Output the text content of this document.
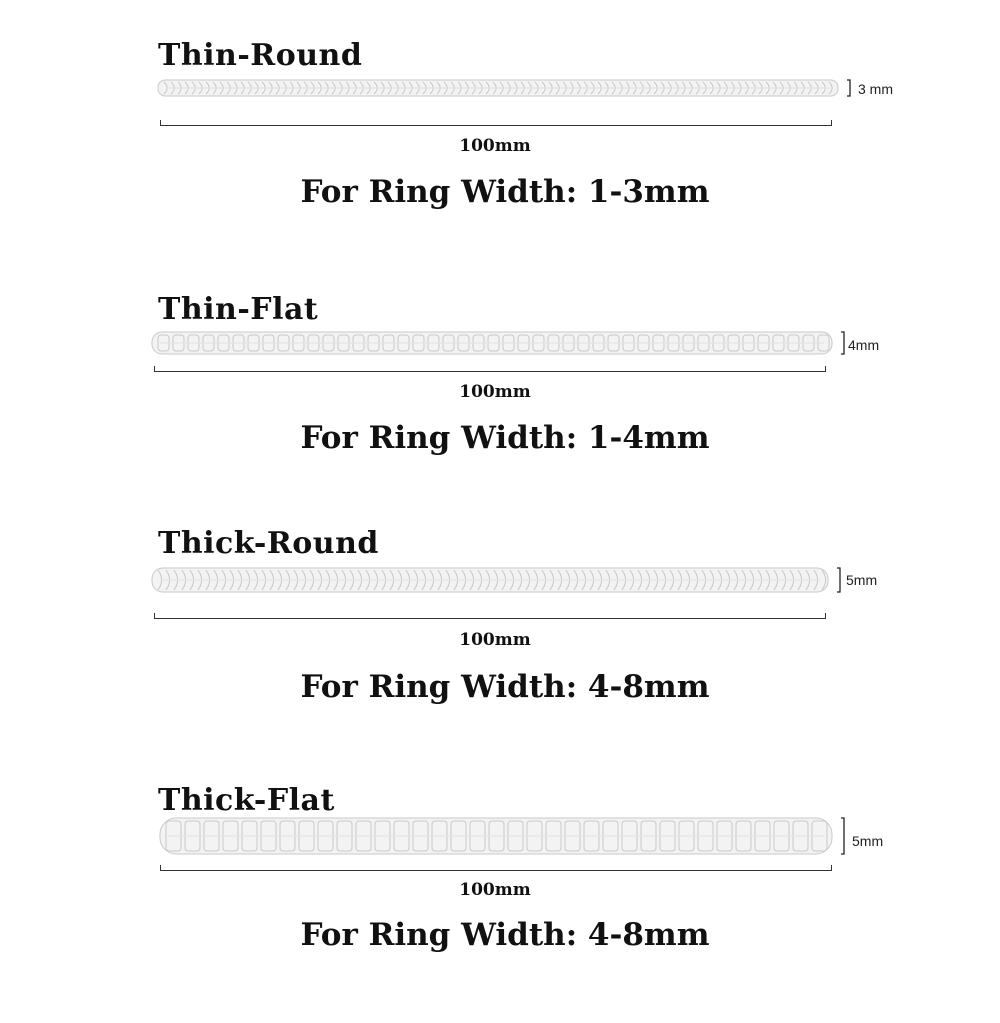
Thin-Round
3 mm
100mm
For Ring Width: 1-3mm
Thin-Flat
4mm
100mm
For Ring Width: 1-4mm
Thick-Round
5mm
100mm
For Ring Width: 4-8mm
Thick-Flat
5mm
100mm
For Ring Width: 4-8mm
